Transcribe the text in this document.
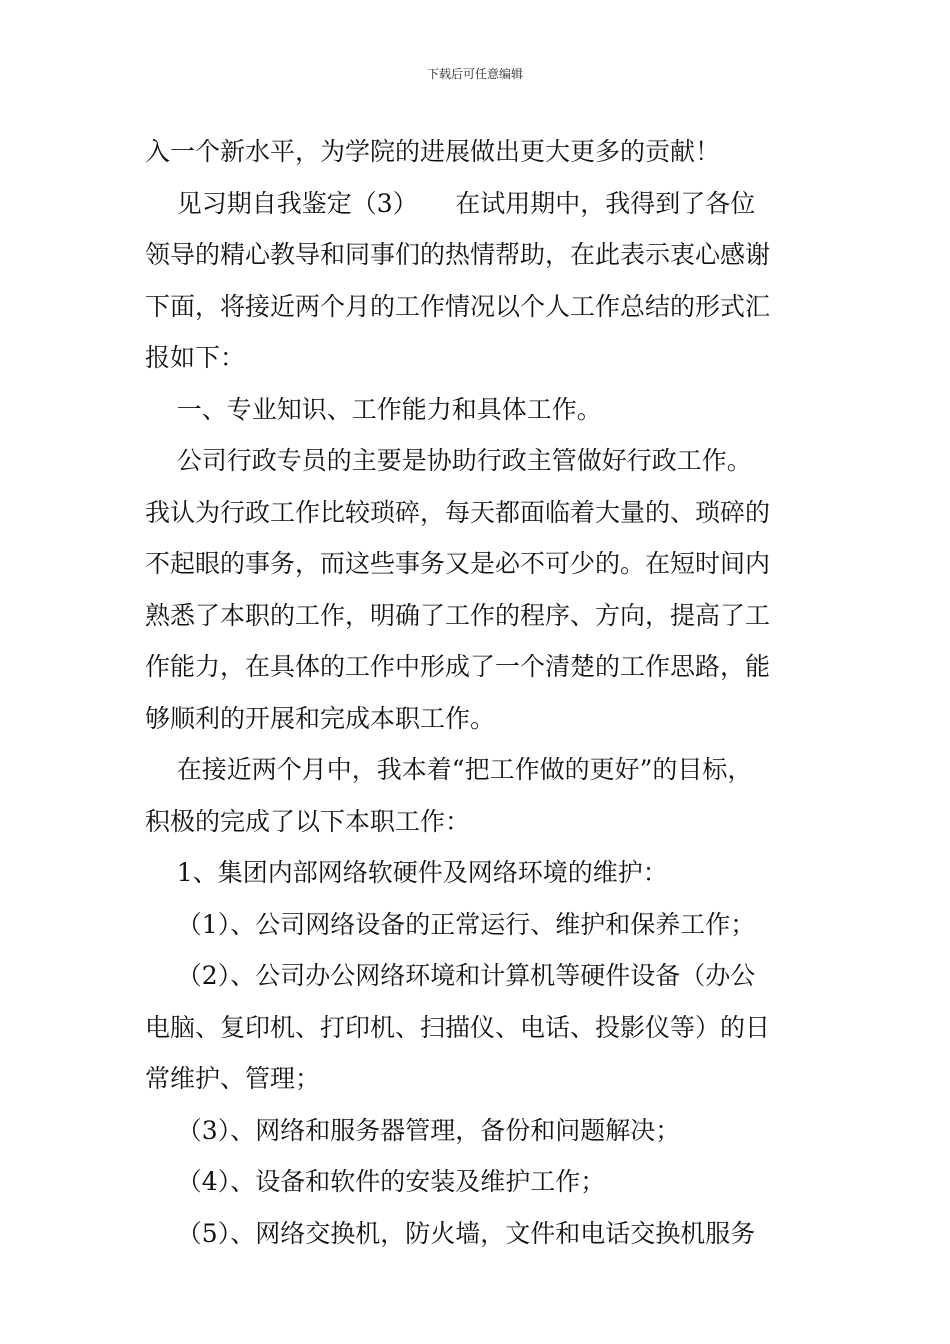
下载后可任意编辑
入一个新水平，为学院的进展做出更大更多的贡献！
见习期自我鉴定（3）　　在试用期中，我得到了各位
领导的精心教导和同事们的热情帮助，在此表示衷心感谢
下面，将接近两个月的工作情况以个人工作总结的形式汇
报如下：
一、专业知识、工作能力和具体工作。
公司行政专员的主要是协助行政主管做好行政工作。
我认为行政工作比较琐碎，每天都面临着大量的、琐碎的
不起眼的事务，而这些事务又是必不可少的。在短时间内
熟悉了本职的工作，明确了工作的程序、方向，提高了工
作能力，在具体的工作中形成了一个清楚的工作思路，能
够顺利的开展和完成本职工作。
在接近两个月中，我本着“把工作做的更好”的目标，
积极的完成了以下本职工作：
1、集团内部网络软硬件及网络环境的维护：
（1）、公司网络设备的正常运行、维护和保养工作；
（2）、公司办公网络环境和计算机等硬件设备（办公
电脑、复印机、打印机、扫描仪、电话、投影仪等）的日
常维护、管理；
（3）、网络和服务器管理，备份和问题解决；
（4）、设备和软件的安装及维护工作；
（5）、网络交换机，防火墙，文件和电话交换机服务
